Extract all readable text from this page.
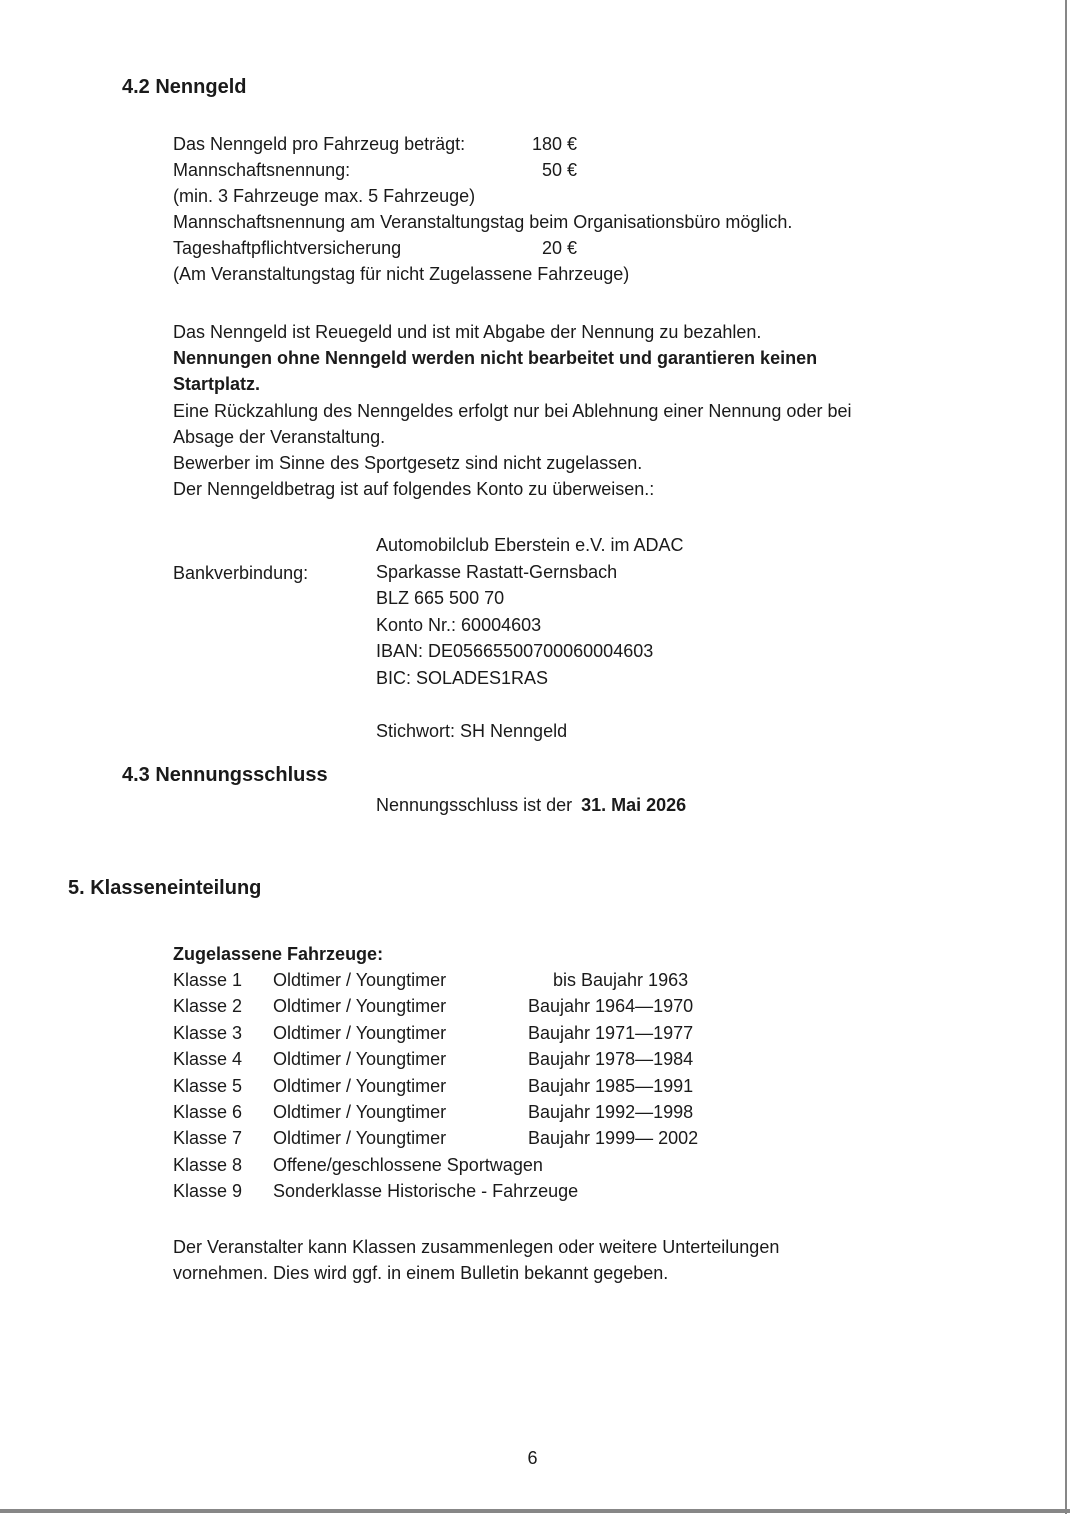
4.2 Nenngeld
Das Nenngeld pro Fahrzeug beträgt:	180 €
Mannschaftsnennung:	50 €
(min. 3 Fahrzeuge max. 5 Fahrzeuge)
Mannschaftsnennung am Veranstaltungstag beim Organisationsbüro möglich.
Tageshaftpflichtversicherung	20 €
(Am Veranstaltungstag für nicht Zugelassene Fahrzeuge)
Das Nenngeld ist Reuegeld und ist mit Abgabe der Nennung zu bezahlen.
Nennungen ohne Nenngeld werden nicht bearbeitet und garantieren keinen
Startplatz.
Eine Rückzahlung des Nenngeldes erfolgt nur bei Ablehnung einer Nennung oder bei
Absage der Veranstaltung.
Bewerber im Sinne des Sportgesetz sind nicht zugelassen.
Der Nenngeldbetrag ist auf folgendes Konto zu überweisen.:
Bankverbindung:
Automobilclub Eberstein e.V. im ADAC
Sparkasse Rastatt-Gernsbach
BLZ 665 500 70
Konto Nr.: 60004603
IBAN: DE05665500700060004603
BIC: SOLADES1RAS
Stichwort: SH Nenngeld
4.3 Nennungsschluss
Nennungsschluss ist der 31. Mai 2026
5. Klasseneinteilung
Zugelassene Fahrzeuge:
Klasse 1	Oldtimer / Youngtimer	bis Baujahr 1963
Klasse 2	Oldtimer / Youngtimer	Baujahr 1964—1970
Klasse 3	Oldtimer / Youngtimer	Baujahr 1971—1977
Klasse 4	Oldtimer / Youngtimer	Baujahr 1978—1984
Klasse 5	Oldtimer / Youngtimer	Baujahr 1985—1991
Klasse 6	Oldtimer / Youngtimer	Baujahr 1992—1998
Klasse 7	Oldtimer / Youngtimer	Baujahr 1999— 2002
Klasse 8	Offene/geschlossene Sportwagen
Klasse 9	Sonderklasse Historische - Fahrzeuge
Der Veranstalter kann Klassen zusammenlegen oder weitere Unterteilungen
vornehmen. Dies wird ggf. in einem Bulletin bekannt gegeben.
6
